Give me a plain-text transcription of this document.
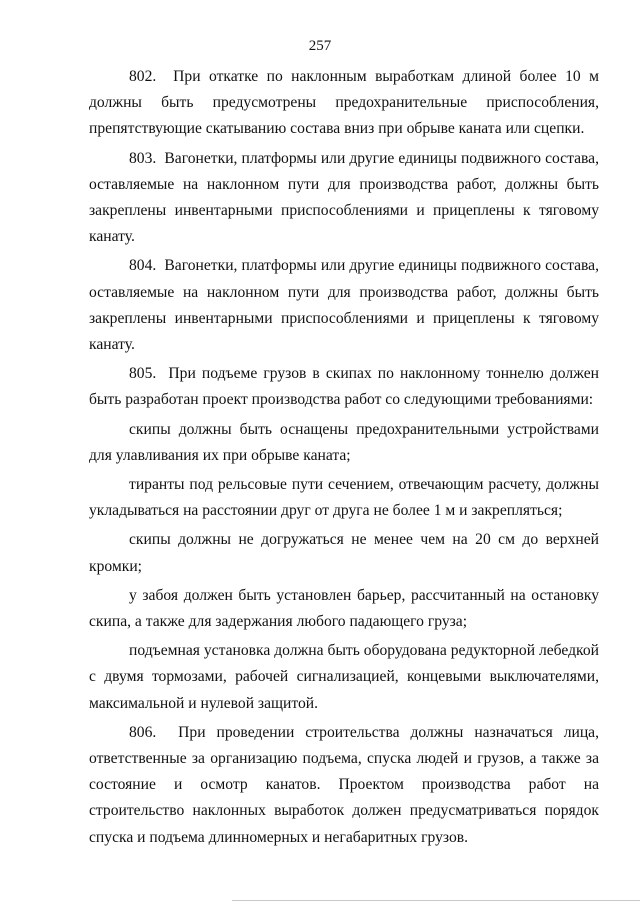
257

802.  При откатке по наклонным выработкам длиной более 10 м должны быть предусмотрены предохранительные приспособления, препятствующие скатыванию состава вниз при обрыве каната или сцепки.

803.  Вагонетки, платформы или другие единицы подвижного состава, оставляемые на наклонном пути для производства работ, должны быть закреплены инвентарными приспособлениями и прицеплены к тяговому канату.

804.  Вагонетки, платформы или другие единицы подвижного состава, оставляемые на наклонном пути для производства работ, должны быть закреплены инвентарными приспособлениями и прицеплены к тяговому канату.

805.  При подъеме грузов в скипах по наклонному тоннелю должен быть разработан проект производства работ со следующими требованиями:

скипы должны быть оснащены предохранительными устройствами для улавливания их при обрыве каната;

тиранты под рельсовые пути сечением, отвечающим расчету, должны укладываться на расстоянии друг от друга не более 1 м и закрепляться;

скипы должны не догружаться не менее чем на 20 см до верхней кромки;

у забоя должен быть установлен барьер, рассчитанный на остановку скипа, а также для задержания любого падающего груза;

подъемная установка должна быть оборудована редукторной лебедкой с двумя тормозами, рабочей сигнализацией, концевыми выключателями, максимальной и нулевой защитой.

806.  При проведении строительства должны назначаться лица, ответственные за организацию подъема, спуска людей и грузов, а также за состояние и осмотр канатов. Проектом производства работ на строительство наклонных выработок должен предусматриваться порядок спуска и подъема длинномерных и негабаритных грузов.
